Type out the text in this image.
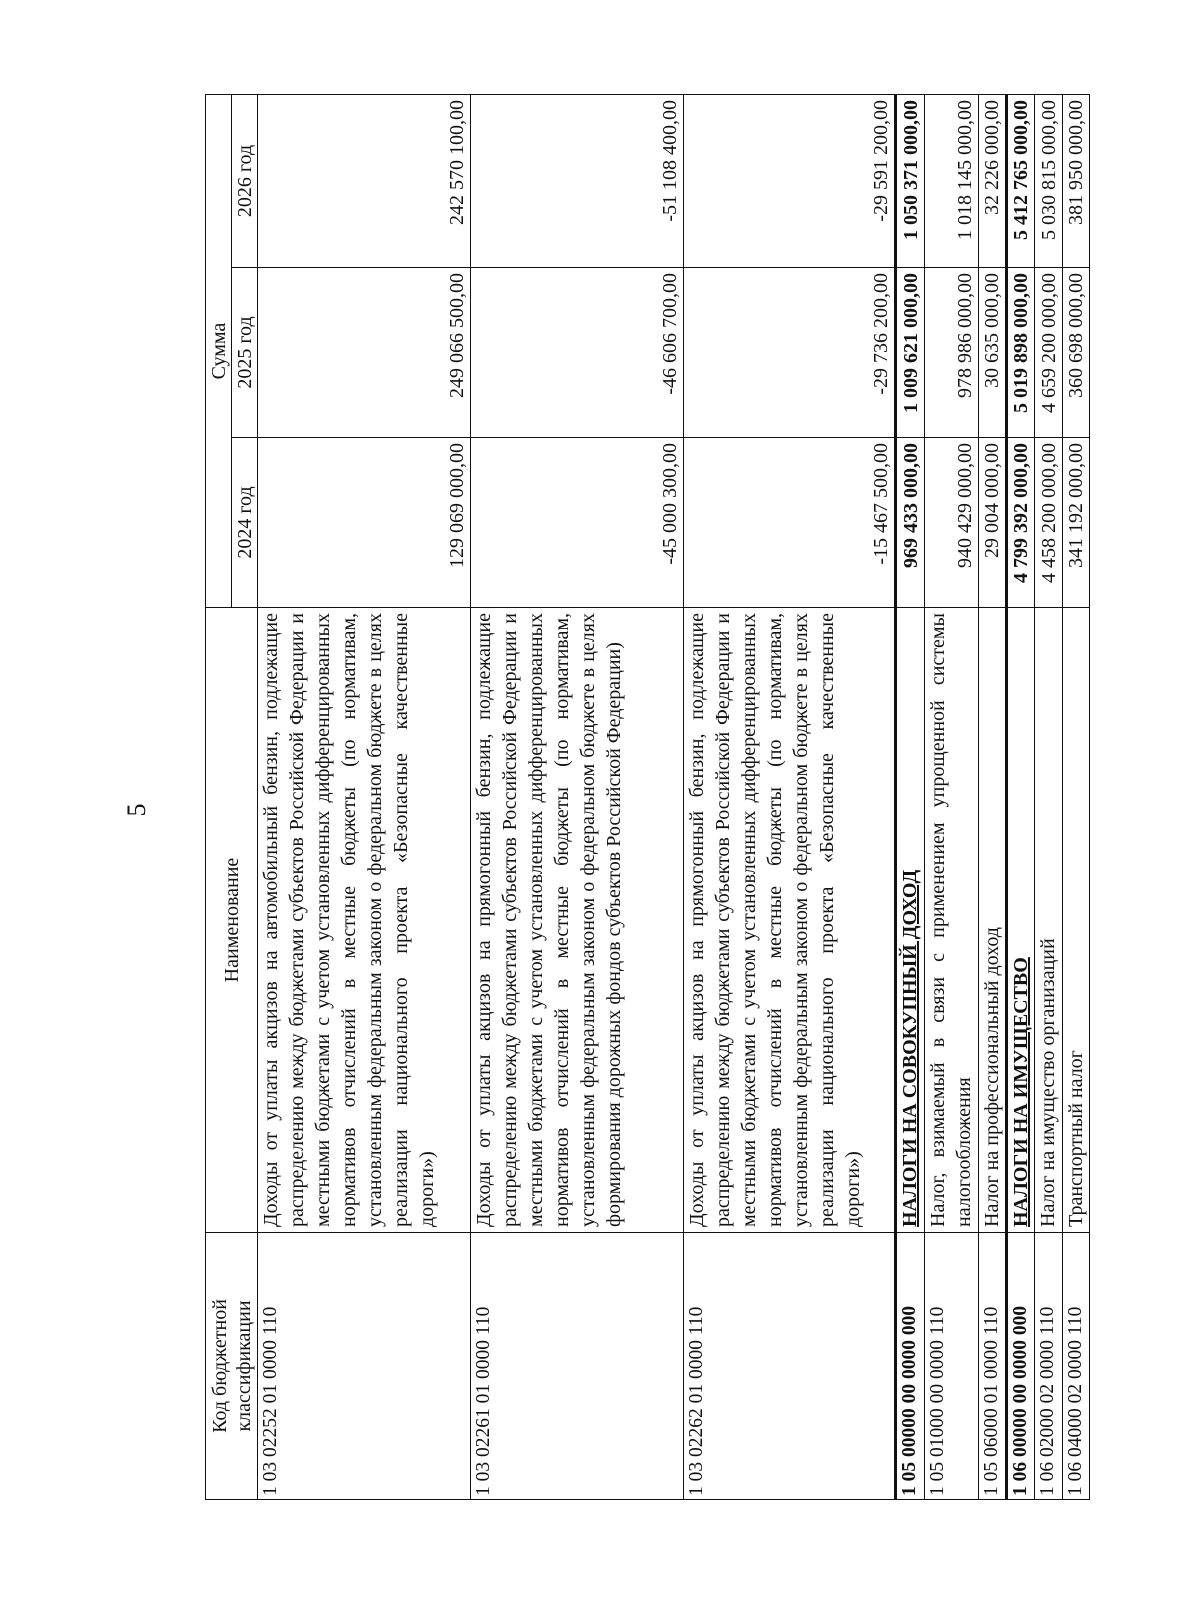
5
Код бюджетной классификации	Наименование	Сумма		
		2024 год	2025 год	2026 год
1 03 02252 01 0000 110	Доходы от уплаты акцизов на автомобильный бензин, подлежащие распределению между бюджетами субъектов Российской Федерации и местными бюджетами с учетом установленных дифференцированных нормативов отчислений в местные бюджеты (по нормативам, установленным федеральным законом о федеральном бюджете в целях реализации национального проекта «Безопасные качественные дороги»)	129 069 000,00	249 066 500,00	242 570 100,00
1 03 02261 01 0000 110	Доходы от уплаты акцизов на прямогонный бензин, подлежащие распределению между бюджетами субъектов Российской Федерации и местными бюджетами с учетом установленных дифференцированных нормативов отчислений в местные бюджеты (по нормативам, установленным федеральным законом о федеральном бюджете в целях формирования дорожных фондов субъектов Российской Федерации)	-45 000 300,00	-46 606 700,00	-51 108 400,00
1 03 02262 01 0000 110	Доходы от уплаты акцизов на прямогонный бензин, подлежащие распределению между бюджетами субъектов Российской Федерации и местными бюджетами с учетом установленных дифференцированных нормативов отчислений в местные бюджеты (по нормативам, установленным федеральным законом о федеральном бюджете в целях реализации национального проекта «Безопасные качественные дороги»)	-15 467 500,00	-29 736 200,00	-29 591 200,00
1 05 00000 00 0000 000	НАЛОГИ НА СОВОКУПНЫЙ ДОХОД	969 433 000,00	1 009 621 000,00	1 050 371 000,00
1 05 01000 00 0000 110	Налог, взимаемый в связи с применением упрощенной системы налогообложения	940 429 000,00	978 986 000,00	1 018 145 000,00
1 05 06000 01 0000 110	Налог на профессиональный доход	29 004 000,00	30 635 000,00	32 226 000,00
1 06 00000 00 0000 000	НАЛОГИ НА ИМУЩЕСТВО	4 799 392 000,00	5 019 898 000,00	5 412 765 000,00
1 06 02000 02 0000 110	Налог на имущество организаций	4 458 200 000,00	4 659 200 000,00	5 030 815 000,00
1 06 04000 02 0000 110	Транспортный налог	341 192 000,00	360 698 000,00	381 950 000,00
